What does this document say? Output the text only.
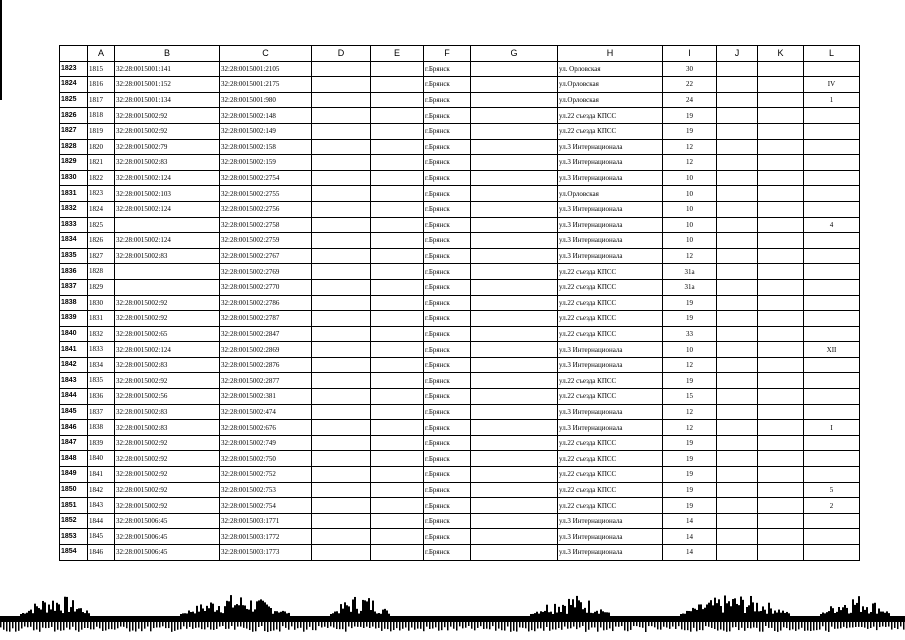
	A	B	C	D	E	F	G	H	I	J	K	L
1823	1815	32:28:0015001:141	32:28:0015001:2105			г.Брянск		ул. Орловская	30			
1824	1816	32:28:0015001:152	32:28:0015001:2175			г.Брянск		ул.Орловская	22			IV
1825	1817	32:28:0015001:134	32:28:0015001:980			г.Брянск		ул.Орловская	24			1
1826	1818	32:28:0015002:92	32:28:0015002:148			г.Брянск		ул.22 съезда КПСС	19			
1827	1819	32:28:0015002:92	32:28:0015002:149			г.Брянск		ул.22 съезда КПСС	19			
1828	1820	32:28:0015002:79	32:28:0015002:158			г.Брянск		ул.3 Интернационала	12			
1829	1821	32:28:0015002:83	32:28:0015002:159			г.Брянск		ул.3 Интернационала	12			
1830	1822	32:28:0015002:124	32:28:0015002:2754			г.Брянск		ул.3 Интернационала	10			
1831	1823	32:28:0015002:103	32:28:0015002:2755			г.Брянск		ул.Орловская	10			
1832	1824	32:28:0015002:124	32:28:0015002:2756			г.Брянск		ул.3 Интернационала	10			
1833	1825		32:28:0015002:2758			г.Брянск		ул.3 Интернационала	10			4
1834	1826	32:28:0015002:124	32:28:0015002:2759			г.Брянск		ул.3 Интернационала	10			
1835	1827	32:28:0015002:83	32:28:0015002:2767			г.Брянск		ул.3 Интернационала	12			
1836	1828		32:28:0015002:2769			г.Брянск		ул.22 съезда КПСС	31а			
1837	1829		32:28:0015002:2770			г.Брянск		ул.22 съезда КПСС	31а			
1838	1830	32:28:0015002:92	32:28:0015002:2786			г.Брянск		ул.22 съезда КПСС	19			
1839	1831	32:28:0015002:92	32:28:0015002:2787			г.Брянск		ул.22 съезда КПСС	19			
1840	1832	32:28:0015002:65	32:28:0015002:2847			г.Брянск		ул.22 съезда КПСС	33			
1841	1833	32:28:0015002:124	32:28:0015002:2869			г.Брянск		ул.3 Интернационала	10			XII
1842	1834	32:28:0015002:83	32:28:0015002:2876			г.Брянск		ул.3 Интернационала	12			
1843	1835	32:28:0015002:92	32:28:0015002:2877			г.Брянск		ул.22 съезда КПСС	19			
1844	1836	32:28:0015002:56	32:28:0015002:381			г.Брянск		ул.22 съезда КПСС	15			
1845	1837	32:28:0015002:83	32:28:0015002:474			г.Брянск		ул.3 Интернационала	12			
1846	1838	32:28:0015002:83	32:28:0015002:676			г.Брянск		ул.3 Интернационала	12			I
1847	1839	32:28:0015002:92	32:28:0015002:749			г.Брянск		ул.22 съезда КПСС	19			
1848	1840	32:28:0015002:92	32:28:0015002:750			г.Брянск		ул.22 съезда КПСС	19			
1849	1841	32:28:0015002:92	32:28:0015002:752			г.Брянск		ул.22 съезда КПСС	19			
1850	1842	32:28:0015002:92	32:28:0015002:753			г.Брянск		ул.22 съезда КПСС	19			5
1851	1843	32:28:0015002:92	32:28:0015002:754			г.Брянск		ул.22 съезда КПСС	19			2
1852	1844	32:28:0015006:45	32:28:0015003:1771			г.Брянск		ул.3 Интернационала	14			
1853	1845	32:28:0015006:45	32:28:0015003:1772			г.Брянск		ул.3 Интернационала	14			
1854	1846	32:28:0015006:45	32:28:0015003:1773			г.Брянск		ул.3 Интернационала	14			
